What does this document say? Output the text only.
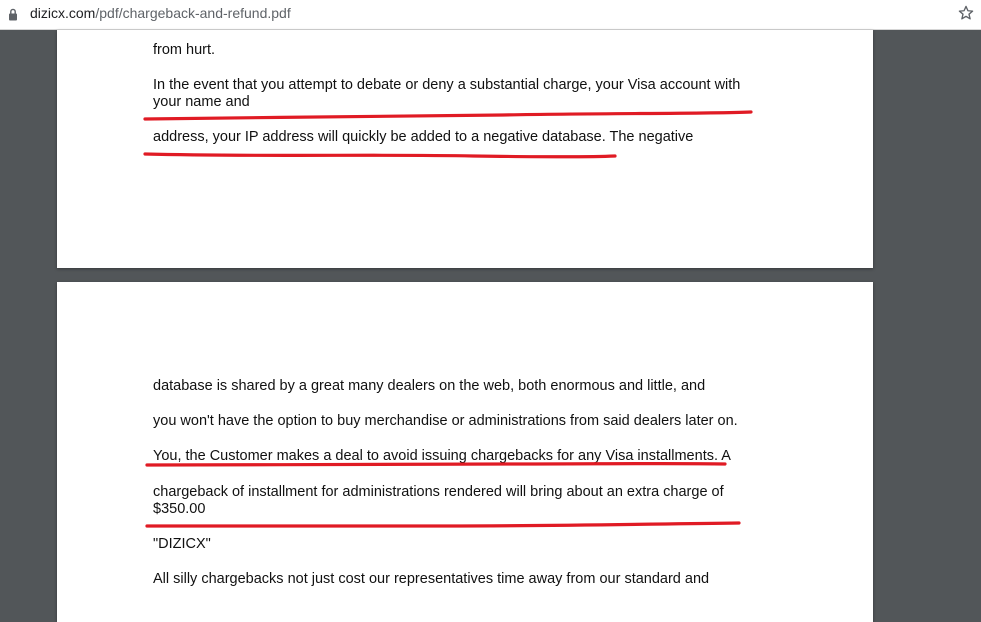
dizicx.com/pdf/chargeback-and-refund.pdf
from hurt.
In the event that you attempt to debate or deny a substantial charge, your Visa account with
your name and
address, your IP address will quickly be added to a negative database. The negative
database is shared by a great many dealers on the web, both enormous and little, and
you won't have the option to buy merchandise or administrations from said dealers later on.
You, the Customer makes a deal to avoid issuing chargebacks for any Visa installments. A
chargeback of installment for administrations rendered will bring about an extra charge of
$350.00
"DIZICX"
All silly chargebacks not just cost our representatives time away from our standard and
